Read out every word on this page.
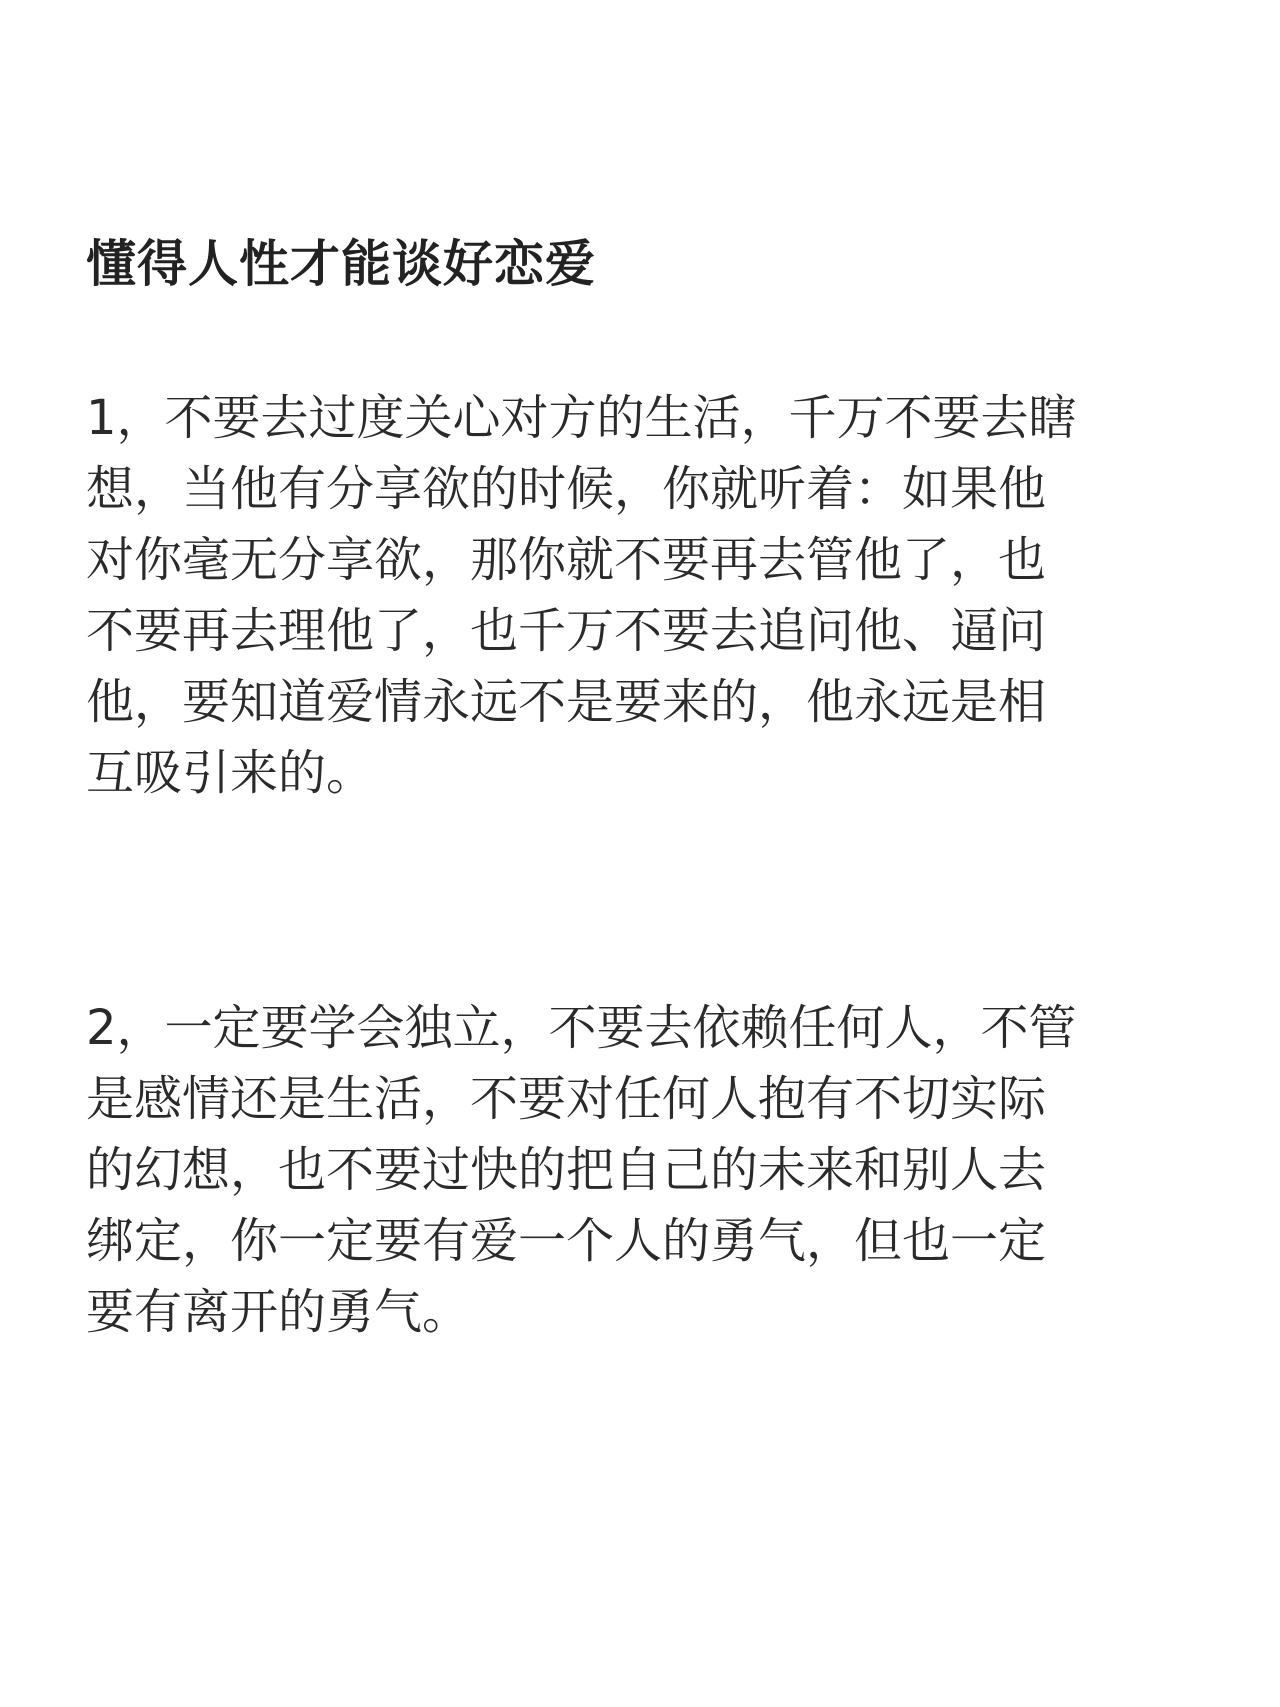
懂得人性才能谈好恋爱
1，不要去过度关心对方的生活，千万不要去瞎
想，当他有分享欲的时候，你就听着：如果他
对你毫无分享欲，那你就不要再去管他了，也
不要再去理他了，也千万不要去追问他、逼问
他，要知道爱情永远不是要来的，他永远是相
互吸引来的。
2，一定要学会独立，不要去依赖任何人，不管
是感情还是生活，不要对任何人抱有不切实际
的幻想，也不要过快的把自己的未来和别人去
绑定，你一定要有爱一个人的勇气，但也一定
要有离开的勇气。
